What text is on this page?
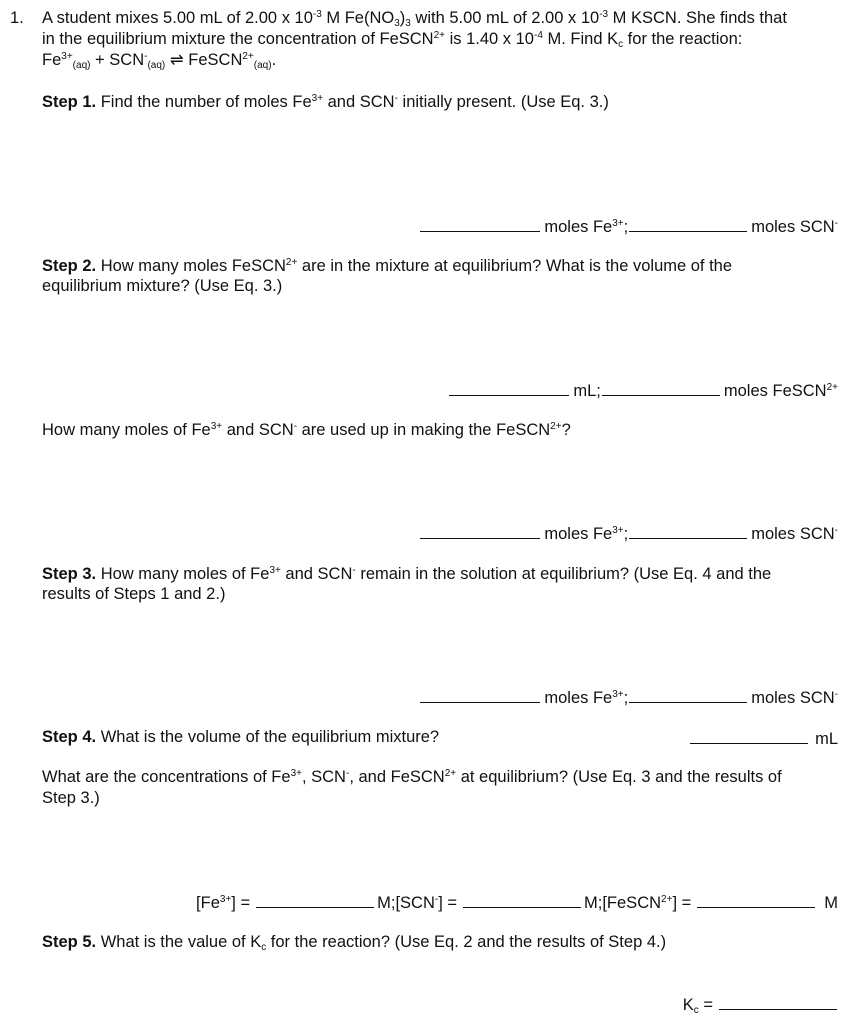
1. A student mixes 5.00 mL of 2.00 x $10^{-3}$ M $Fe(NO_3)_3$ with 5.00 mL of 2.00 x $10^{-3}$ M KSCN. She finds that
in the equilibrium mixture the concentration of FeSCN$^{2+}$ is 1.40 x $10^{-4}$ M. Find $K_c$ for the reaction:
$Fe^{3+}_{(aq)} + SCN^-_{(aq)}$ ⇌ FeSCN$^{2+}_{(aq)}$.
Step 1. Find the number of moles $Fe^{3+}$ and SCN- initially present. (Use Eq. 3.)
moles $Fe^{3+}$;	moles SCN-
Step 2. How many moles FeSCN$^{2+}$ are in the mixture at equilibrium? What is the volume of the
equilibrium mixture? (Use Eq. 3.)
mL;	moles FeSCN$^{2+}$
How many moles of $Fe^{3+}$ and SCN- are used up in making the FeSCN$^{2+}$?
moles $Fe^{3+}$;	moles SCN-
Step 3. How many moles of $Fe^{3+}$ and SCN- remain in the solution at equilibrium? (Use Eq. 4 and the
results of Steps 1 and 2.)
moles $Fe^{3+}$;	moles SCN-
Step 4. What is the volume of the equilibrium mixture?	mL
What are the concentrations of $Fe^{3+}$, SCN-, and FeSCN$^{2+}$ at equilibrium? (Use Eq. 3 and the results of
Step 3.)
$[Fe^{3+}]$ =	M;[SCN-] =	M;[FeSCN$^{2+}$] =	M
Step 5. What is the value of $K_c$ for the reaction? (Use Eq. 2 and the results of Step 4.)
$K_c$ =
